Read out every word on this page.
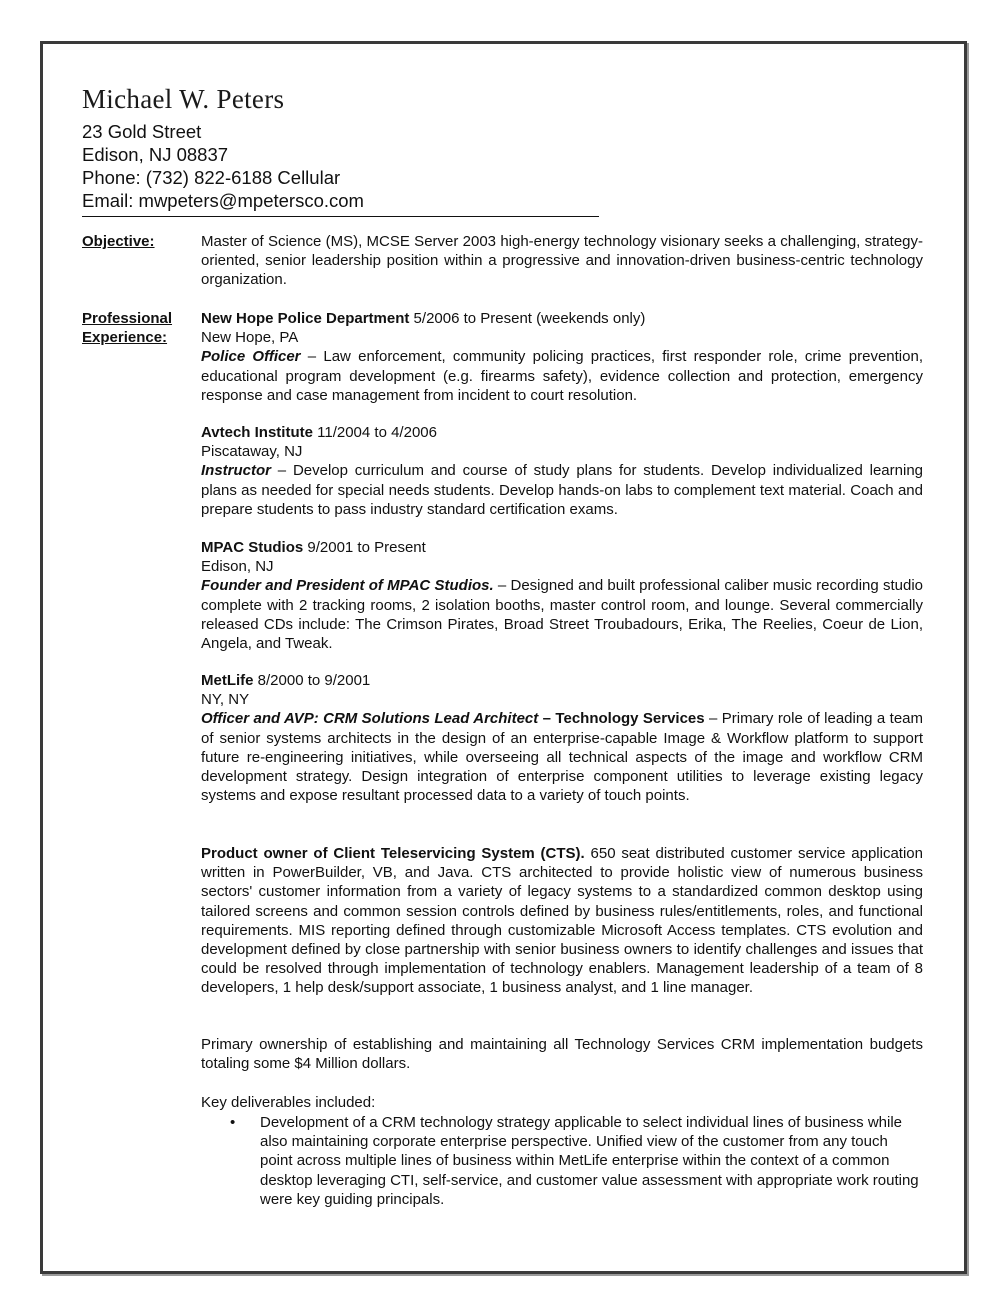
Michael W. Peters
23 Gold Street
Edison, NJ 08837
Phone: (732) 822-6188 Cellular
Email: mwpeters@mpetersco.com
Objective:	Master of Science (MS), MCSE Server 2003 high-energy technology visionary seeks a challenging, strategy-oriented, senior leadership position within a progressive and innovation-driven business-centric technology organization.

Professional
Experience:

New Hope Police Department 5/2006 to Present (weekends only)

New Hope, PA

Police Officer – Law enforcement, community policing practices, first responder role, crime prevention, educational program development (e.g. firearms safety), evidence collection and protection, emergency response and case management from incident to court resolution.

Avtech Institute 11/2004 to 4/2006

Piscataway, NJ

Instructor – Develop curriculum and course of study plans for students. Develop individualized learning plans as needed for special needs students. Develop hands-on labs to complement text material. Coach and prepare students to pass industry standard certification exams.

MPAC Studios 9/2001 to Present

Edison, NJ

Founder and President of MPAC Studios. – Designed and built professional caliber music recording studio complete with 2 tracking rooms, 2 isolation booths, master control room, and lounge. Several commercially released CDs include: The Crimson Pirates, Broad Street Troubadours, Erika, The Reelies, Coeur de Lion, Angela, and Tweak.

MetLife 8/2000 to 9/2001

NY, NY

Officer and AVP: CRM Solutions Lead Architect – Technology Services – Primary role of leading a team of senior systems architects in the design of an enterprise-capable Image & Workflow platform to support future re-engineering initiatives, while overseeing all technical aspects of the image and workflow CRM development strategy. Design integration of enterprise component utilities to leverage existing legacy systems and expose resultant processed data to a variety of touch points.

Product owner of Client Teleservicing System (CTS). 650 seat distributed customer service application written in PowerBuilder, VB, and Java. CTS architected to provide holistic view of numerous business sectors' customer information from a variety of legacy systems to a standardized common desktop using tailored screens and common session controls defined by business rules/entitlements, roles, and functional requirements. MIS reporting defined through customizable Microsoft Access templates. CTS evolution and development defined by close partnership with senior business owners to identify challenges and issues that could be resolved through implementation of technology enablers. Management leadership of a team of 8 developers, 1 help desk/support associate, 1 business analyst, and 1 line manager.

Primary ownership of establishing and maintaining all Technology Services CRM implementation budgets totaling some $4 Million dollars.

Key deliverables included:

• Development of a CRM technology strategy applicable to select individual lines of business while also maintaining corporate enterprise perspective. Unified view of the customer from any touch point across multiple lines of business within MetLife enterprise within the context of a common desktop leveraging CTI, self-service, and customer value assessment with appropriate work routing were key guiding principals.
